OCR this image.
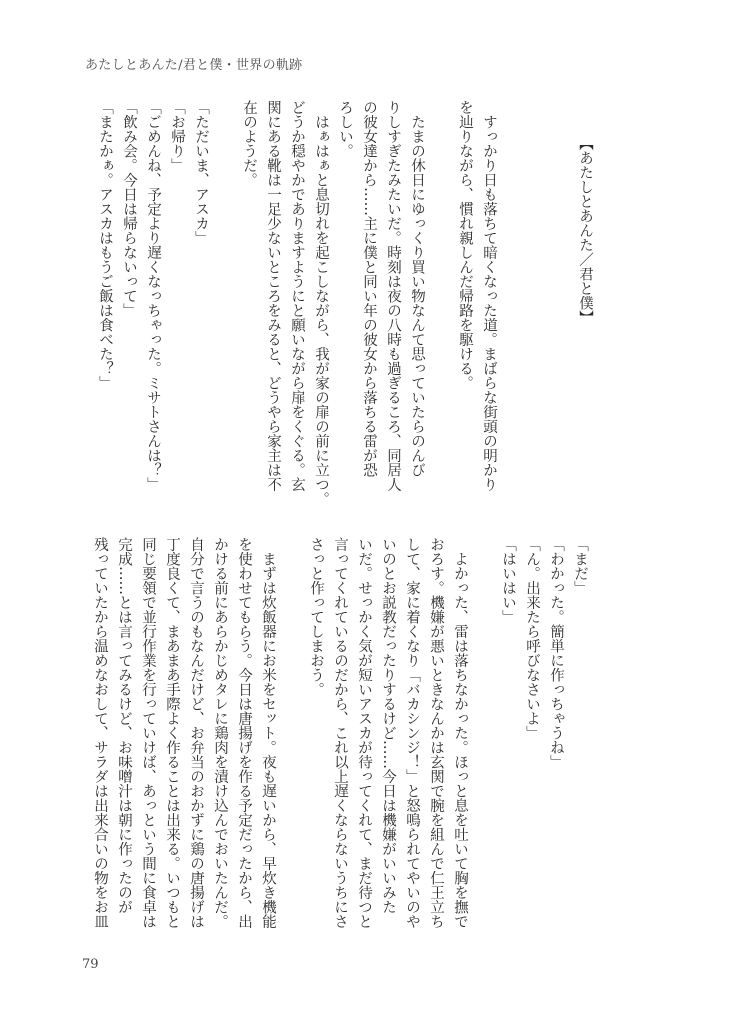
あたしとあんた/君と僕・世界の軌跡
　　　【あたしとあんた／君と僕】
　すっかり日も落ちて暗くなった道。まばらな街頭の明かり
を辿りながら、慣れ親しんだ帰路を駆ける。
　たまの休日にゆっくり買い物なんて思っていたらのんび
りしすぎたみたいだ。時刻は夜の八時も過ぎるころ、同居人
の彼女達から……主に僕と同い年の彼女から落ちる雷が恐
ろしい。
　はぁはぁと息切れを起こしながら、我が家の扉の前に立つ。
どうか穏やかでありますようにと願いながら扉をくぐる。玄
関にある靴は一足少ないところをみると、どうやら家主は不
在のようだ。
「ただいま、アスカ」
「お帰り」
「ごめんね、予定より遅くなっちゃった。ミサトさんは？」
「飲み会。今日は帰らないって」
「またかぁ。アスカはもうご飯は食べた？」
「まだ」
「わかった。簡単に作っちゃうね」
「ん。出来たら呼びなさいよ」
「はいはい」
　よかった、雷は落ちなかった。ほっと息を吐いて胸を撫で
おろす。機嫌が悪いときなんかは玄関で腕を組んで仁王立ち
して、家に着くなり「バカシンジ！」と怒鳴られてやいのや
いのとお説教だったりするけど……今日は機嫌がいいみた
いだ。せっかく気が短いアスカが待ってくれて、まだ待つと
言ってくれているのだから、これ以上遅くならないうちにさ
さっと作ってしまおう。
　まずは炊飯器にお米をセット。夜も遅いから、早炊き機能
を使わせてもらう。今日は唐揚げを作る予定だったから、出
かける前にあらかじめタレに鶏肉を漬け込んでおいたんだ。
自分で言うのもなんだけど、お弁当のおかずに鶏の唐揚げは
丁度良くて、まあまあ手際よく作ることは出来る。いつもと
同じ要領で並行作業を行っていけば、あっという間に食卓は
完成……とは言ってみるけど、お味噌汁は朝に作ったのが
残っていたから温めなおして、サラダは出来合いの物をお皿
79
